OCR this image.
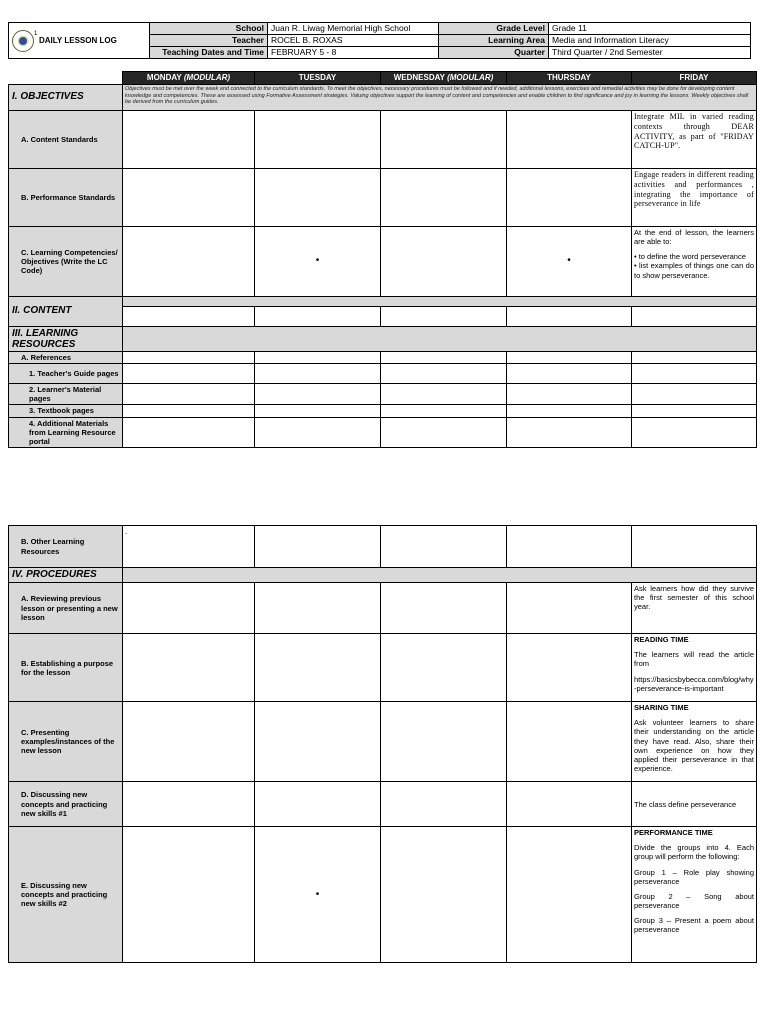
1
DAILY LESSON LOG	School	Juan R. Liwag Memorial High School	Grade Level	Grade 11
	Teacher	ROCEL B. ROXAS	Learning Area	Media and Information Literacy
	Teaching Dates and Time	FEBRUARY 5 - 8	Quarter	Third Quarter / 2nd Semester
	MONDAY (MODULAR)	TUESDAY	WEDNESDAY (MODULAR)	THURSDAY	FRIDAY
I. OBJECTIVES	Objectives must be met over the week and connected to the curriculum standards. To meet the objectives, necessary procedures must be followed and if needed, additional lessons, exercises and remedial activities may be done for developing content knowledge and competencies. These are assessed using Formative Assessment strategies. Valuing objectives support the learning of content and competencies and enable children to find significance and joy in learning the lessons. Weekly objectives shall be derived from the curriculum guides.				
A. Content Standards					Integrate MIL in varied reading contexts through DEAR ACTIVITY, as part of "FRIDAY CATCH-UP".
B. Performance Standards					Engage readers in different reading activities and performances , integrating the importance of perseverance in life
C. Learning Competencies/ Objectives (Write the LC Code)		•		•	At the end of lesson, the learners are able to:

• to define the word perseverance
• list examples of things one can do to show perseverance.

II. CONTENT					

III. LEARNING RESOURCES					
A. References					
1. Teacher's Guide pages					
2. Learner's Material pages					
3. Textbook pages					
4. Additional Materials from Learning Resource portal					
B. Other Learning Resources	.				
IV. PROCEDURES					
A. Reviewing previous lesson or presenting a new lesson					Ask learners how did they survive the first semester of this school year.
B. Establishing a purpose for the lesson					READING TIME

The learners will read the article from

https://basicsbybecca.com/blog/why-perseverance-is-important

C. Presenting examples/instances of the new lesson					SHARING TIME

Ask volunteer learners to share their understanding on the article they have read. Also, share their own experience on how they applied their perseverance in that experience.

D. Discussing new concepts and practicing new skills #1					The class define perseverance
E. Discussing new concepts and practicing new skills #2		•			PERFORMANCE TIME

Divide the groups into 4. Each group will perform the following:

Group 1 – Role play showing perseverance

Group 2 – Song about perseverance

Group 3 – Present a poem about perseverance
